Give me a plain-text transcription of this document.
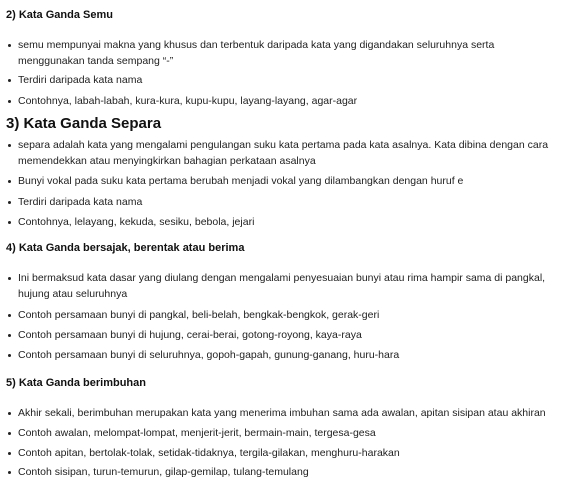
2) Kata Ganda Semu
semu mempunyai makna yang khusus dan terbentuk daripada kata yang digandakan seluruhnya serta menggunakan tanda sempang “-”
Terdiri daripada kata nama
Contohnya, labah-labah, kura-kura, kupu-kupu, layang-layang, agar-agar
3) Kata Ganda Separa
separa adalah kata yang mengalami pengulangan suku kata pertama pada kata asalnya. Kata dibina dengan cara memendekkan atau menyingkirkan bahagian perkataan asalnya
Bunyi vokal pada suku kata pertama berubah menjadi vokal yang dilambangkan dengan huruf e
Terdiri daripada kata nama
Contohnya, lelayang, kekuda, sesiku, bebola, jejari
4) Kata Ganda bersajak, berentak atau berima
Ini bermaksud kata dasar yang diulang dengan mengalami penyesuaian bunyi atau rima hampir sama di pangkal, hujung atau seluruhnya
Contoh persamaan bunyi di pangkal, beli-belah, bengkak-bengkok, gerak-geri
Contoh persamaan bunyi di hujung, cerai-berai, gotong-royong, kaya-raya
Contoh persamaan bunyi di seluruhnya, gopoh-gapah, gunung-ganang, huru-hara
5) Kata Ganda berimbuhan
Akhir sekali, berimbuhan merupakan kata yang menerima imbuhan sama ada awalan, apitan sisipan atau akhiran
Contoh awalan, melompat-lompat, menjerit-jerit, bermain-main, tergesa-gesa
Contoh apitan, bertolak-tolak, setidak-tidaknya, tergila-gilakan, menghuru-harakan
Contoh sisipan, turun-temurun, gilap-gemilap, tulang-temulang
